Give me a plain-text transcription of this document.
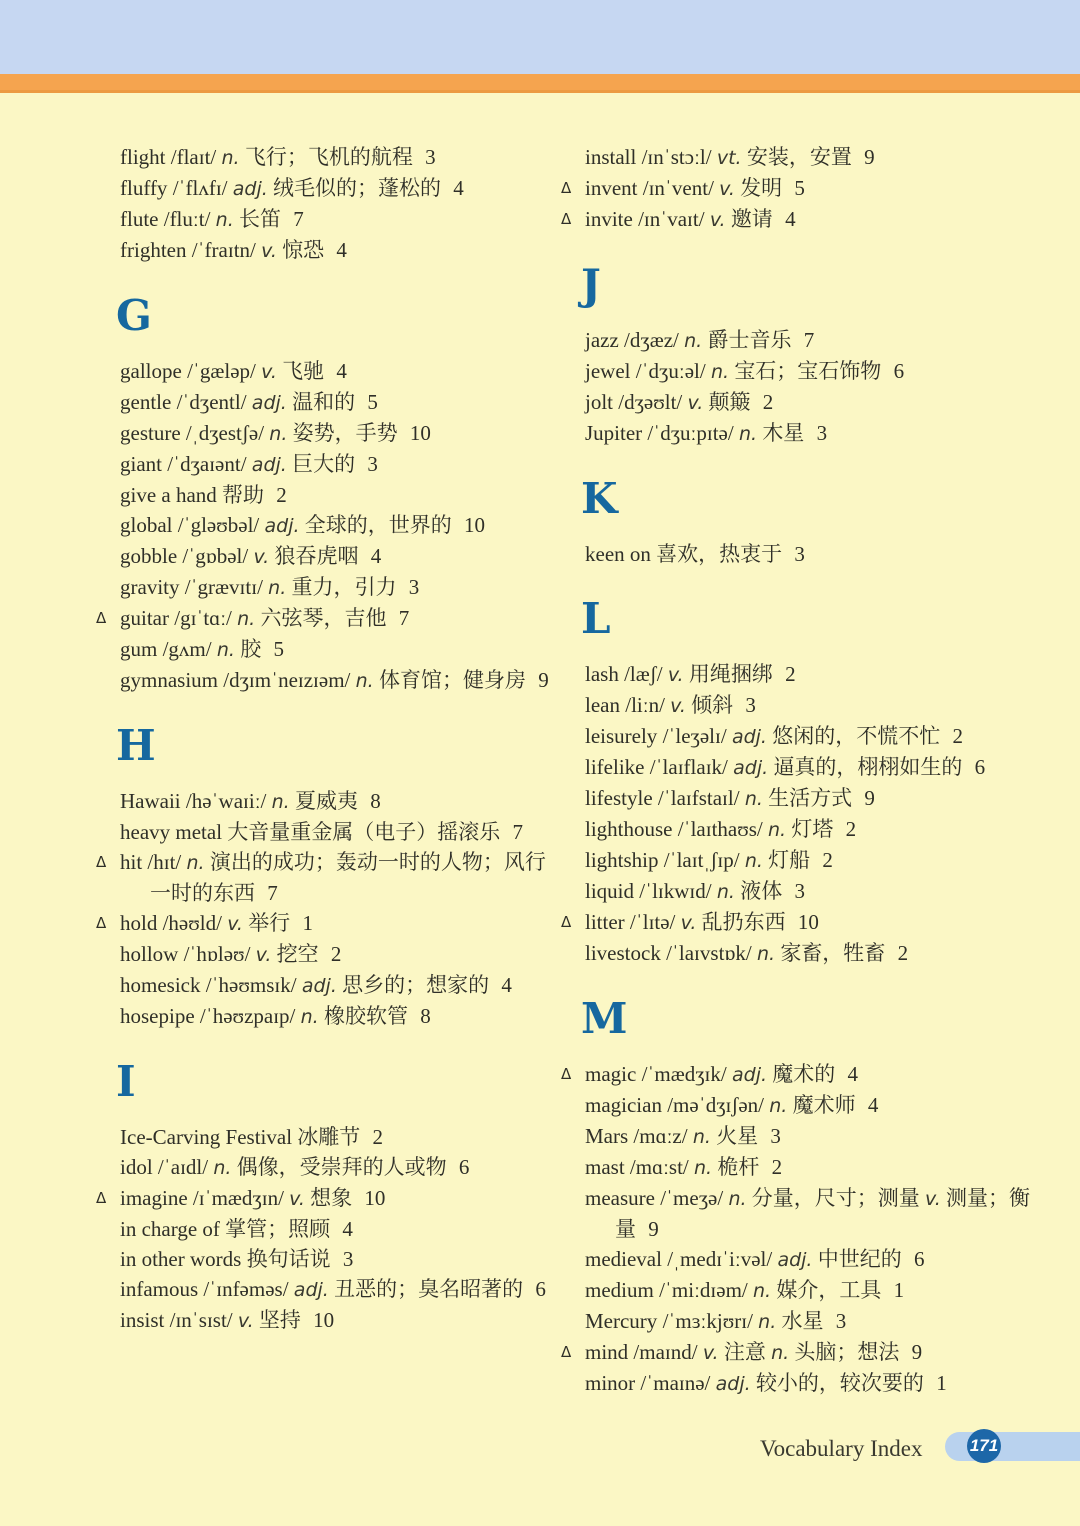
flight /flaɪt/ n. 飞行；飞机的航程 3
fluffy /ˈflʌfɪ/ adj. 绒毛似的；蓬松的 4
flute /fluːt/ n. 长笛 7
frighten /ˈfraɪtn/ v. 惊恐 4
G
gallope /ˈgæləp/ v. 飞驰 4
gentle /ˈdʒentl/ adj. 温和的 5
gesture /ˌdʒestʃə/ n. 姿势，手势 10
giant /ˈdʒaɪənt/ adj. 巨大的 3
give a hand 帮助 2
global /ˈgləʊbəl/ adj. 全球的，世界的 10
gobble /ˈgɒbəl/ v. 狼吞虎咽 4
gravity /ˈgrævɪtɪ/ n. 重力，引力 3
Δ guitar /gɪˈtɑː/ n. 六弦琴，吉他 7
gum /gʌm/ n. 胶 5
gymnasium /dʒɪmˈneɪzɪəm/ n. 体育馆；健身房 9
H
Hawaii /həˈwaɪiː/ n. 夏威夷 8
heavy metal 大音量重金属（电子）摇滚乐 7
Δ hit /hɪt/ n. 演出的成功；轰动一时的人物；风行一时的东西 7
Δ hold /həʊld/ v. 举行 1
hollow /ˈhɒləʊ/ v. 挖空 2
homesick /ˈhəʊmsɪk/ adj. 思乡的；想家的 4
hosepipe /ˈhəʊzpaɪp/ n. 橡胶软管 8
I
Ice-Carving Festival 冰雕节 2
idol /ˈaɪdl/ n. 偶像，受崇拜的人或物 6
Δ imagine /ɪˈmædʒɪn/ v. 想象 10
in charge of 掌管；照顾 4
in other words 换句话说 3
infamous /ˈɪnfəməs/ adj. 丑恶的；臭名昭著的 6
insist /ɪnˈsɪst/ v. 坚持 10
install /ɪnˈstɔːl/ vt. 安装，安置 9
Δ invent /ɪnˈvent/ v. 发明 5
Δ invite /ɪnˈvaɪt/ v. 邀请 4
J
jazz /dʒæz/ n. 爵士音乐 7
jewel /ˈdʒuːəl/ n. 宝石；宝石饰物 6
jolt /dʒəʊlt/ v. 颠簸 2
Jupiter /ˈdʒuːpɪtə/ n. 木星 3
K
keen on 喜欢，热衷于 3
L
lash /læʃ/ v. 用绳捆绑 2
lean /liːn/ v. 倾斜 3
leisurely /ˈleʒəlɪ/ adj. 悠闲的，不慌不忙 2
lifelike /ˈlaɪflaɪk/ adj. 逼真的，栩栩如生的 6
lifestyle /ˈlaɪfstaɪl/ n. 生活方式 9
lighthouse /ˈlaɪthaʊs/ n. 灯塔 2
lightship /ˈlaɪtˌʃɪp/ n. 灯船 2
liquid /ˈlɪkwɪd/ n. 液体 3
Δ litter /ˈlɪtə/ v. 乱扔东西 10
livestock /ˈlaɪvstɒk/ n. 家畜，牲畜 2
M
Δ magic /ˈmædʒɪk/ adj. 魔术的 4
magician /məˈdʒɪʃən/ n. 魔术师 4
Mars /mɑːz/ n. 火星 3
mast /mɑːst/ n. 桅杆 2
measure /ˈmeʒə/ n. 分量，尺寸；测量 v. 测量；衡量 9
medieval /ˌmedɪˈiːvəl/ adj. 中世纪的 6
medium /ˈmiːdɪəm/ n. 媒介，工具 1
Mercury /ˈmɜːkjʊrɪ/ n. 水星 3
Δ mind /maɪnd/ v. 注意 n. 头脑；想法 9
minor /ˈmaɪnə/ adj. 较小的，较次要的 1
Vocabulary Index	171
